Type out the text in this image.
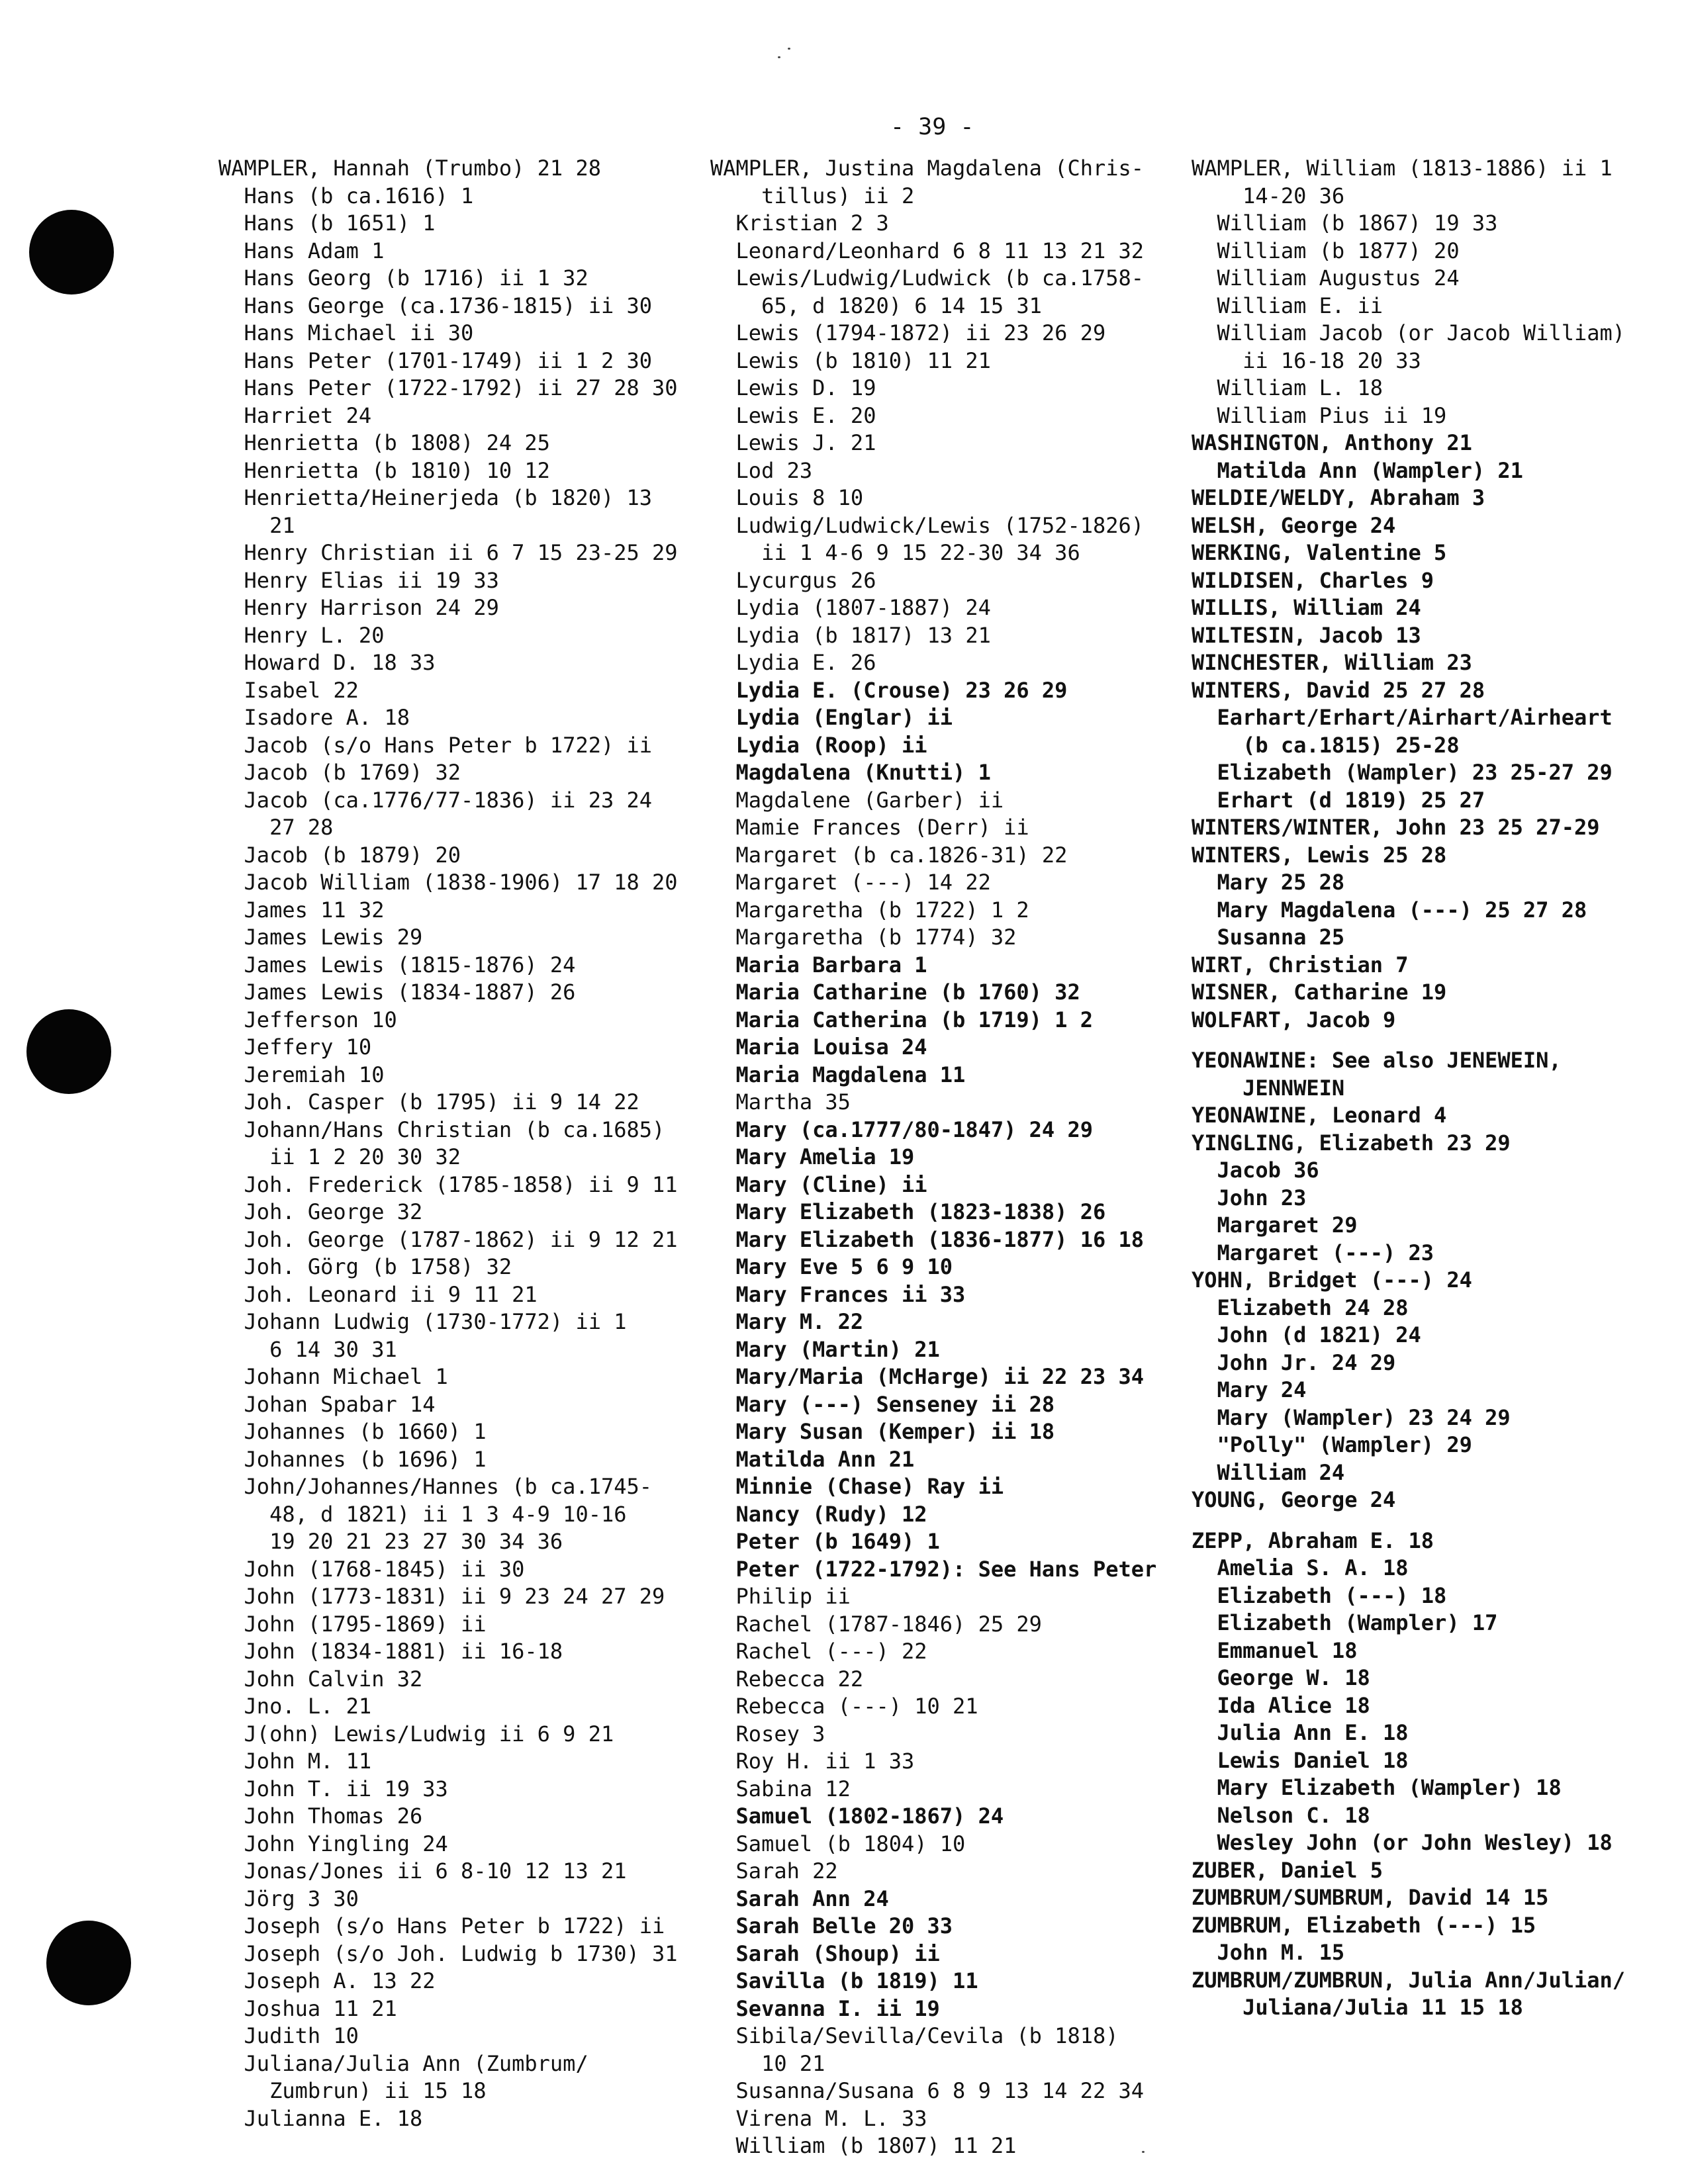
- 39 -
WAMPLER, Hannah (Trumbo) 21 28
Hans (b ca.1616) 1
Hans (b 1651) 1
Hans Adam 1
Hans Georg (b 1716) ii 1 32
Hans George (ca.1736-1815) ii 30
Hans Michael ii 30
Hans Peter (1701-1749) ii 1 2 30
Hans Peter (1722-1792) ii 27 28 30
Harriet 24
Henrietta (b 1808) 24 25
Henrietta (b 1810) 10 12
Henrietta/Heinerjeda (b 1820) 13
21
Henry Christian ii 6 7 15 23-25 29
Henry Elias ii 19 33
Henry Harrison 24 29
Henry L. 20
Howard D. 18 33
Isabel 22
Isadore A. 18
Jacob (s/o Hans Peter b 1722) ii
Jacob (b 1769) 32
Jacob (ca.1776/77-1836) ii 23 24
27 28
Jacob (b 1879) 20
Jacob William (1838-1906) 17 18 20
James 11 32
James Lewis 29
James Lewis (1815-1876) 24
James Lewis (1834-1887) 26
Jefferson 10
Jeffery 10
Jeremiah 10
Joh. Casper (b 1795) ii 9 14 22
Johann/Hans Christian (b ca.1685)
ii 1 2 20 30 32
Joh. Frederick (1785-1858) ii 9 11
Joh. George 32
Joh. George (1787-1862) ii 9 12 21
Joh. Görg (b 1758) 32
Joh. Leonard ii 9 11 21
Johann Ludwig (1730-1772) ii 1
6 14 30 31
Johann Michael 1
Johan Spabar 14
Johannes (b 1660) 1
Johannes (b 1696) 1
John/Johannes/Hannes (b ca.1745-
48, d 1821) ii 1 3 4-9 10-16
19 20 21 23 27 30 34 36
John (1768-1845) ii 30
John (1773-1831) ii 9 23 24 27 29
John (1795-1869) ii
John (1834-1881) ii 16-18
John Calvin 32
Jno. L. 21
J(ohn) Lewis/Ludwig ii 6 9 21
John M. 11
John T. ii 19 33
John Thomas 26
John Yingling 24
Jonas/Jones ii 6 8-10 12 13 21
Jörg 3 30
Joseph (s/o Hans Peter b 1722) ii
Joseph (s/o Joh. Ludwig b 1730) 31
Joseph A. 13 22
Joshua 11 21
Judith 10
Juliana/Julia Ann (Zumbrum/
Zumbrun) ii 15 18
Julianna E. 18
WAMPLER, Justina Magdalena (Chris-
tillus) ii 2
Kristian 2 3
Leonard/Leonhard 6 8 11 13 21 32
Lewis/Ludwig/Ludwick (b ca.1758-
65, d 1820) 6 14 15 31
Lewis (1794-1872) ii 23 26 29
Lewis (b 1810) 11 21
Lewis D. 19
Lewis E. 20
Lewis J. 21
Lod 23
Louis 8 10
Ludwig/Ludwick/Lewis (1752-1826)
ii 1 4-6 9 15 22-30 34 36
Lycurgus 26
Lydia (1807-1887) 24
Lydia (b 1817) 13 21
Lydia E. 26
Lydia E. (Crouse) 23 26 29
Lydia (Englar) ii
Lydia (Roop) ii
Magdalena (Knutti) 1
Magdalene (Garber) ii
Mamie Frances (Derr) ii
Margaret (b ca.1826-31) 22
Margaret (---) 14 22
Margaretha (b 1722) 1 2
Margaretha (b 1774) 32
Maria Barbara 1
Maria Catharine (b 1760) 32
Maria Catherina (b 1719) 1 2
Maria Louisa 24
Maria Magdalena 11
Martha 35
Mary (ca.1777/80-1847) 24 29
Mary Amelia 19
Mary (Cline) ii
Mary Elizabeth (1823-1838) 26
Mary Elizabeth (1836-1877) 16 18
Mary Eve 5 6 9 10
Mary Frances ii 33
Mary M. 22
Mary (Martin) 21
Mary/Maria (McHarge) ii 22 23 34
Mary (---) Senseney ii 28
Mary Susan (Kemper) ii 18
Matilda Ann 21
Minnie (Chase) Ray ii
Nancy (Rudy) 12
Peter (b 1649) 1
Peter (1722-1792): See Hans Peter
Philip ii
Rachel (1787-1846) 25 29
Rachel (---) 22
Rebecca 22
Rebecca (---) 10 21
Rosey 3
Roy H. ii 1 33
Sabina 12
Samuel (1802-1867) 24
Samuel (b 1804) 10
Sarah 22
Sarah Ann 24
Sarah Belle 20 33
Sarah (Shoup) ii
Savilla (b 1819) 11
Sevanna I. ii 19
Sibila/Sevilla/Cevila (b 1818)
10 21
Susanna/Susana 6 8 9 13 14 22 34
Virena M. L. 33
William (b 1807) 11 21
WAMPLER, William (1813-1886) ii 1
14-20 36
William (b 1867) 19 33
William (b 1877) 20
William Augustus 24
William E. ii
William Jacob (or Jacob William)
ii 16-18 20 33
William L. 18
William Pius ii 19
WASHINGTON, Anthony 21
Matilda Ann (Wampler) 21
WELDIE/WELDY, Abraham 3
WELSH, George 24
WERKING, Valentine 5
WILDISEN, Charles 9
WILLIS, William 24
WILTESIN, Jacob 13
WINCHESTER, William 23
WINTERS, David 25 27 28
Earhart/Erhart/Airhart/Airheart
(b ca.1815) 25-28
Elizabeth (Wampler) 23 25-27 29
Erhart (d 1819) 25 27
WINTERS/WINTER, John 23 25 27-29
WINTERS, Lewis 25 28
Mary 25 28
Mary Magdalena (---) 25 27 28
Susanna 25
WIRT, Christian 7
WISNER, Catharine 19
WOLFART, Jacob 9
YEONAWINE: See also JENEWEIN,
JENNWEIN
YEONAWINE, Leonard 4
YINGLING, Elizabeth 23 29
Jacob 36
John 23
Margaret 29
Margaret (---) 23
YOHN, Bridget (---) 24
Elizabeth 24 28
John (d 1821) 24
John Jr. 24 29
Mary 24
Mary (Wampler) 23 24 29
"Polly" (Wampler) 29
William 24
YOUNG, George 24
ZEPP, Abraham E. 18
Amelia S. A. 18
Elizabeth (---) 18
Elizabeth (Wampler) 17
Emmanuel 18
George W. 18
Ida Alice 18
Julia Ann E. 18
Lewis Daniel 18
Mary Elizabeth (Wampler) 18
Nelson C. 18
Wesley John (or John Wesley) 18
ZUBER, Daniel 5
ZUMBRUM/SUMBRUM, David 14 15
ZUMBRUM, Elizabeth (---) 15
John M. 15
ZUMBRUM/ZUMBRUN, Julia Ann/Julian/
Juliana/Julia 11 15 18
